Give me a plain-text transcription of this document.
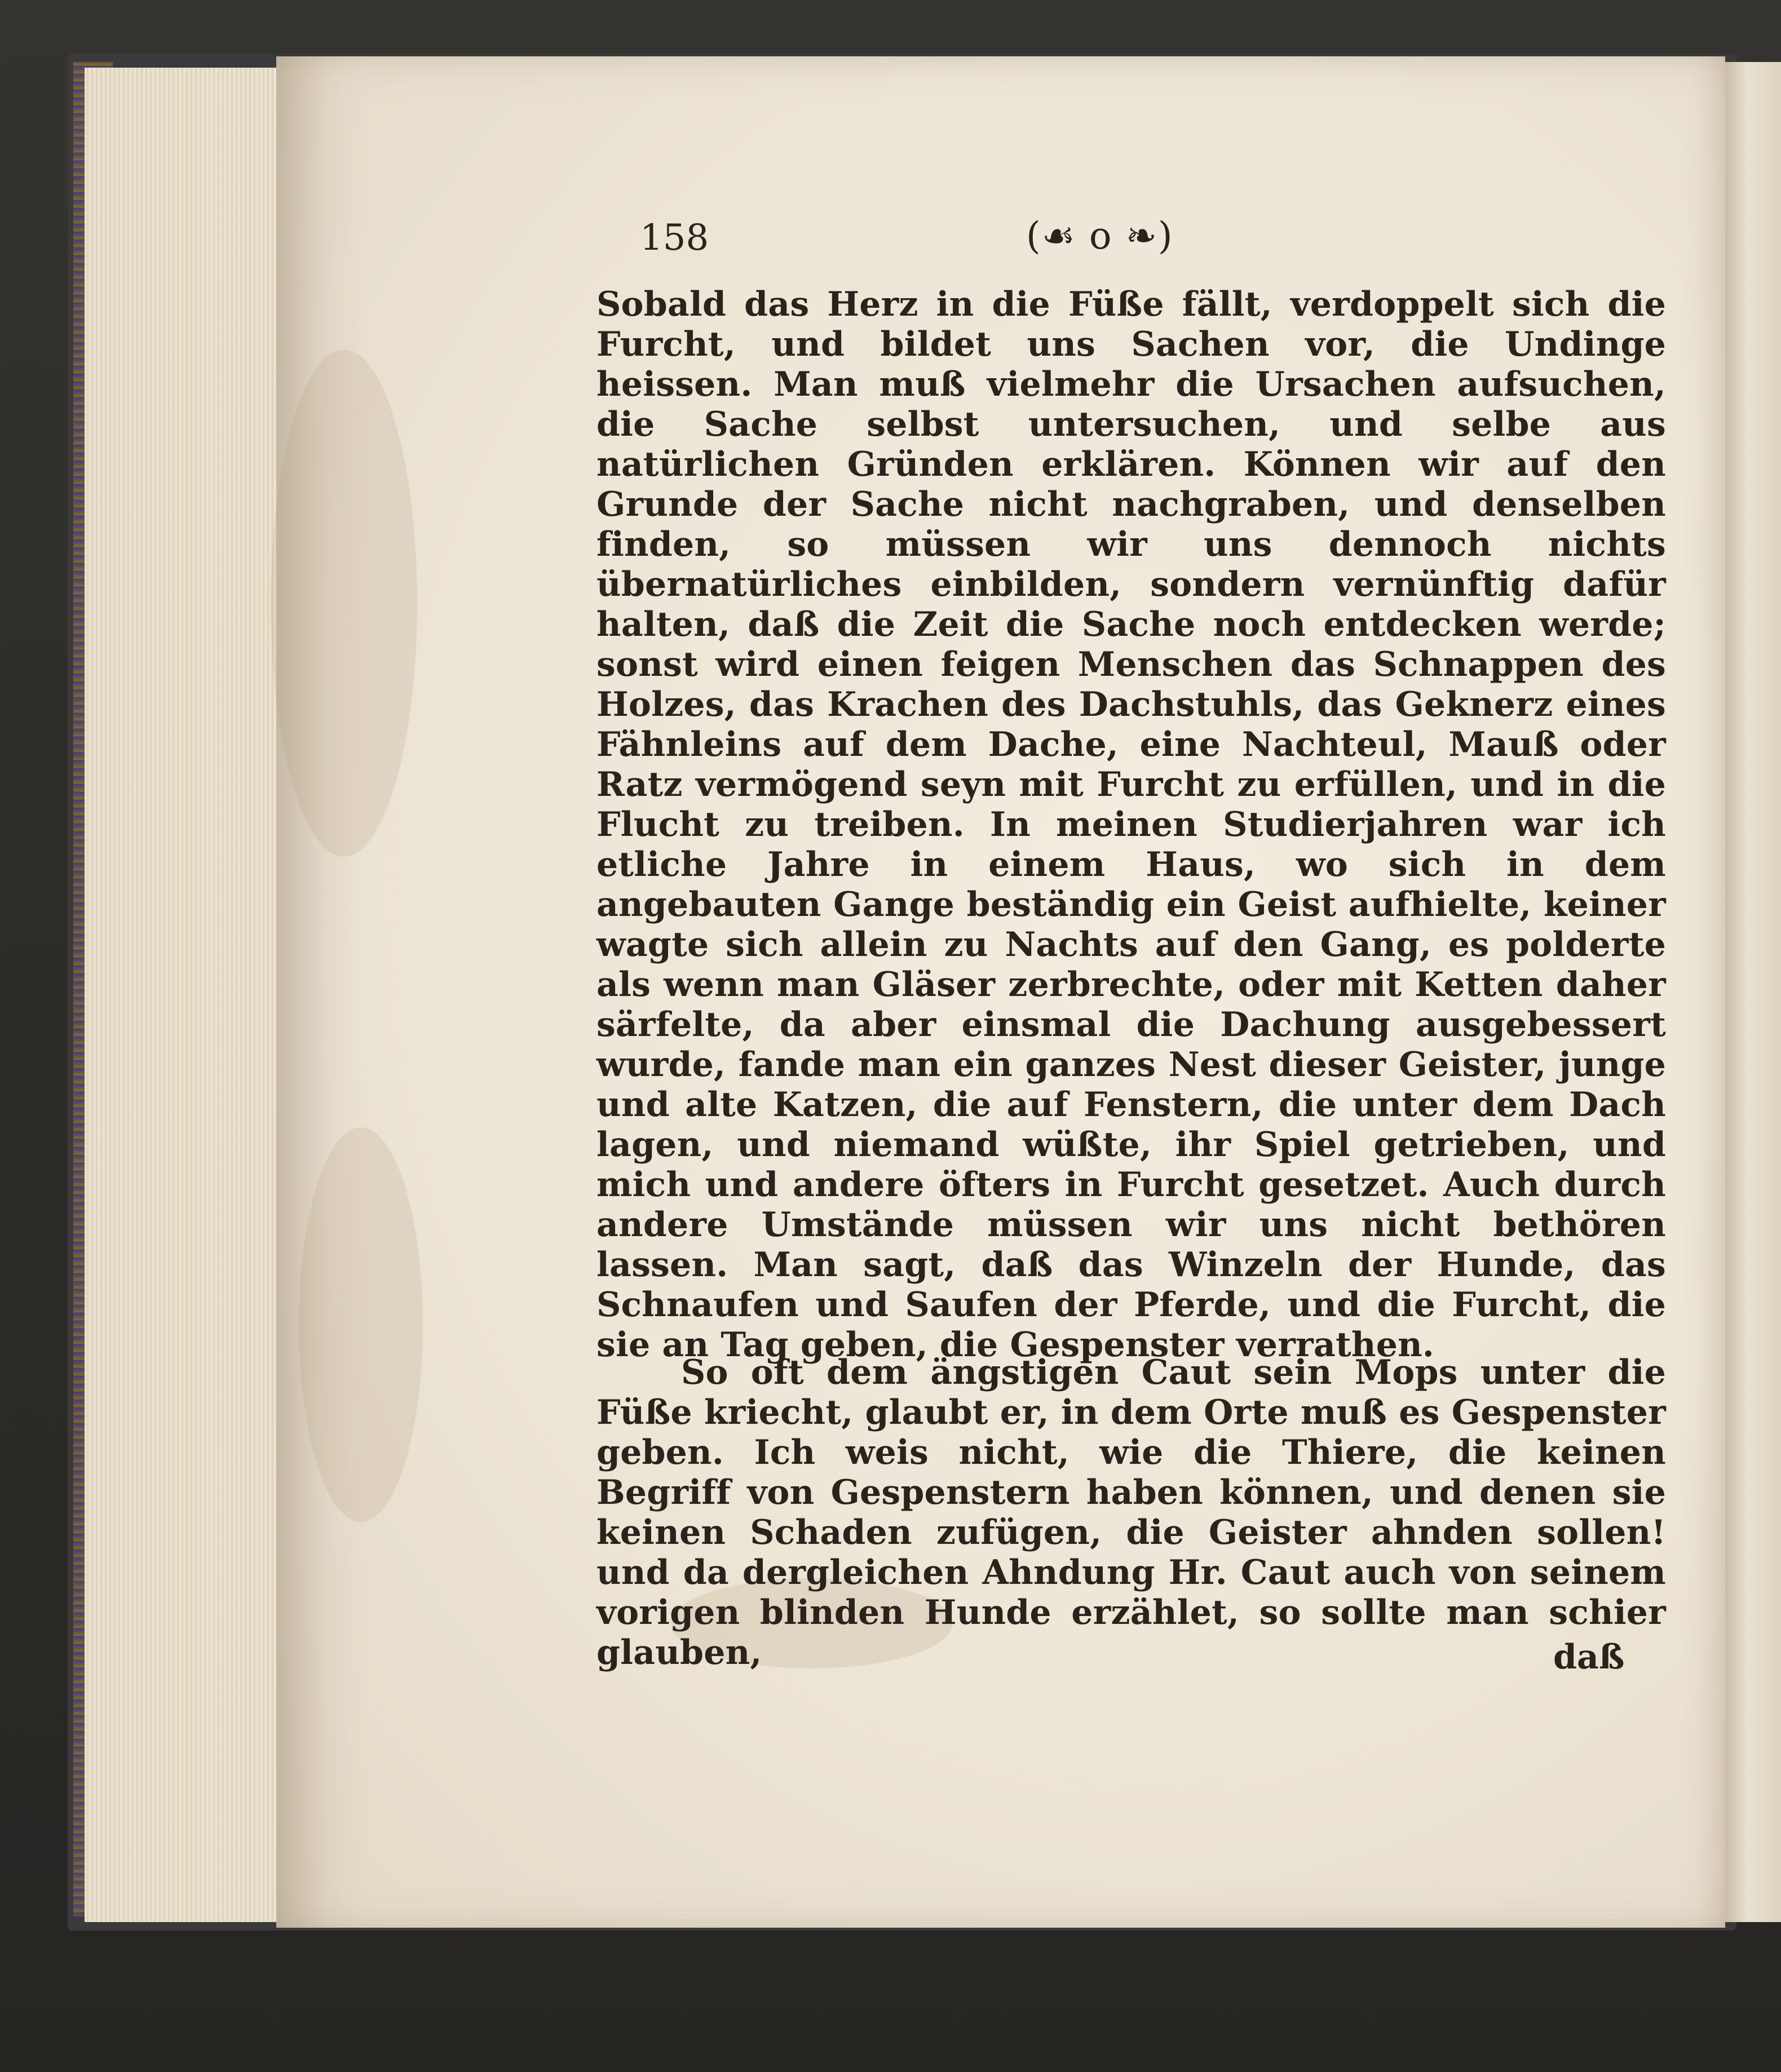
158	(☙ o ❧)
Sobald das Herz in die Füße fällt, verdoppelt sich die Furcht, und bildet uns Sachen vor, die Undinge heissen. Man muß vielmehr die Ursachen aufsuchen, die Sache selbst untersuchen, und selbe aus natürlichen Gründen erklären. Können wir auf den Grunde der Sache nicht nachgraben, und denselben finden, so müssen wir uns dennoch nichts übernatürliches einbilden, sondern vernünftig dafür halten, daß die Zeit die Sache noch entdecken werde; sonst wird einen feigen Menschen das Schnappen des Holzes, das Krachen des Dachstuhls, das Geknerz eines Fähnleins auf dem Dache, eine Nachteul, Mauß oder Ratz vermögend seyn mit Furcht zu erfüllen, und in die Flucht zu treiben. In meinen Studierjahren war ich etliche Jahre in einem Haus, wo sich in dem angebauten Gange beständig ein Geist aufhielte, keiner wagte sich allein zu Nachts auf den Gang, es polderte als wenn man Gläser zerbrechte, oder mit Ketten daher särfelte, da aber einsmal die Dachung ausgebessert wurde, fande man ein ganzes Nest dieser Geister, junge und alte Katzen, die auf Fenstern, die unter dem Dach lagen, und niemand wüßte, ihr Spiel getrieben, und mich und andere öfters in Furcht gesetzet. Auch durch andere Umstände müssen wir uns nicht bethören lassen. Man sagt, daß das Winzeln der Hunde, das Schnaufen und Saufen der Pferde, und die Furcht, die sie an Tag geben, die Gespenster verrathen.
So oft dem ängstigen Caut sein Mops unter die Füße kriecht, glaubt er, in dem Orte muß es Gespenster geben. Ich weis nicht, wie die Thiere, die keinen Begriff von Gespenstern haben können, und denen sie keinen Schaden zufügen, die Geister ahnden sollen! und da dergleichen Ahndung Hr. Caut auch von seinem vorigen blinden Hunde erzählet, so sollte man schier glauben,	daß
